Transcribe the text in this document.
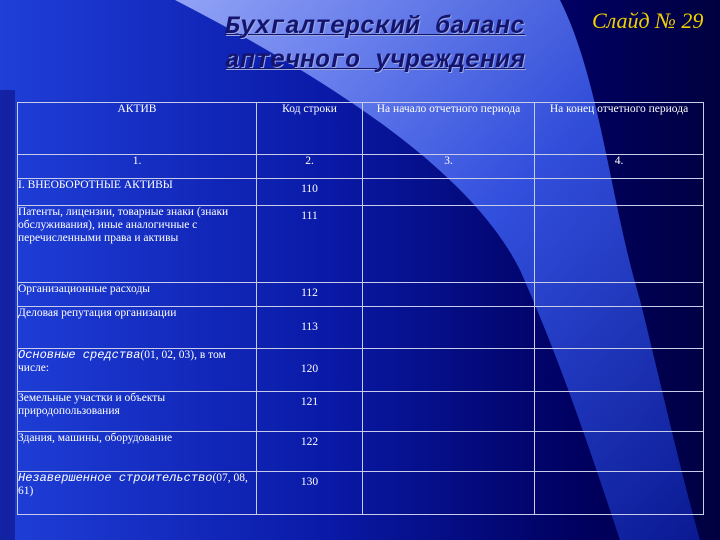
Бухгалтерский баланс
аптечного учреждения
Слайд № 29
АКТИВ	Код строки	На начало отчетного периода	На конец отчетного периода
1.	2.	3.	4.
I. ВНЕОБОРОТНЫЕ АКТИВЫ	110		
Патенты, лицензии, товарные знаки (знаки обслуживания), иные аналогичные с перечисленными права и активы	111		
Организационные расходы	112		
Деловая репутация организации	113		
Основные средства(01, 02, 03), в том числе:	120		
Земельные участки и объекты природопользования	121		
Здания, машины, оборудование	122		
Незавершенное строительство(07, 08, 61)	130		
